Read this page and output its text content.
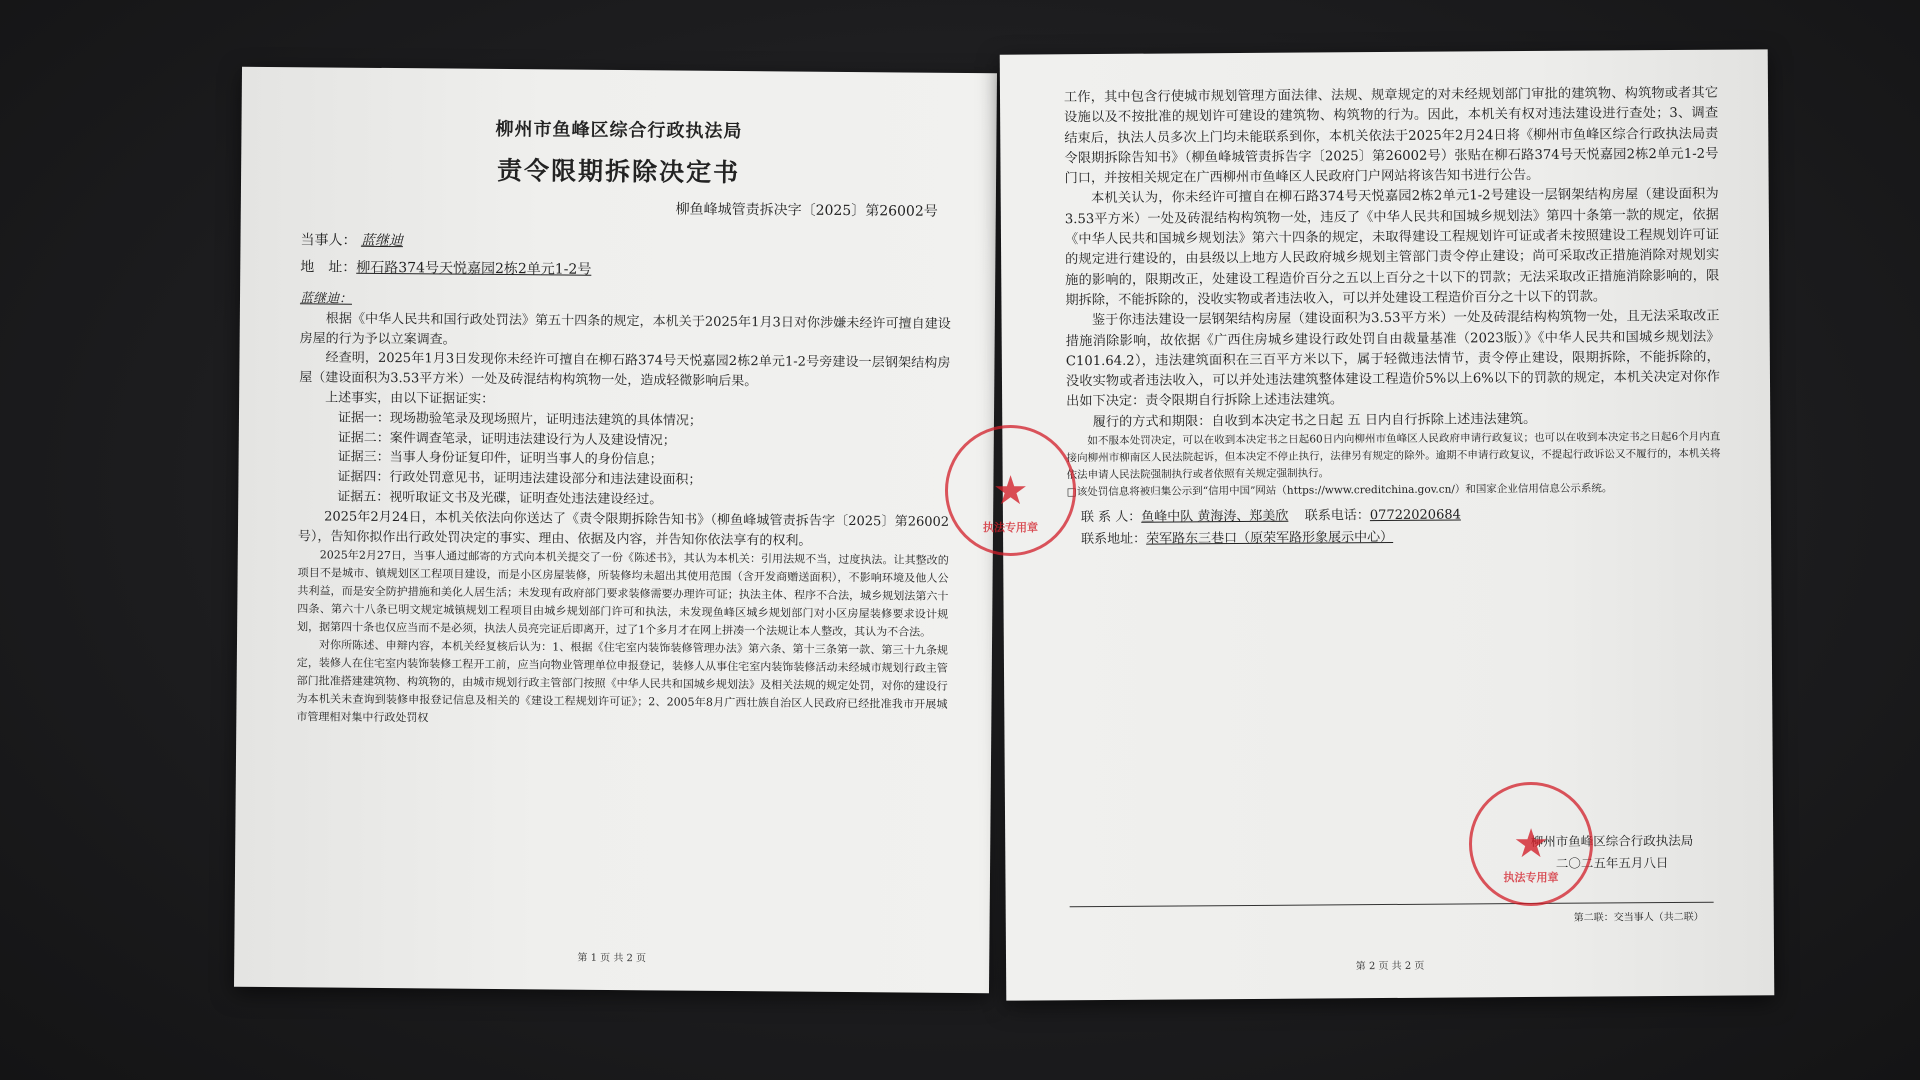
柳州市鱼峰区综合行政执法局
责令限期拆除决定书
柳鱼峰城管责拆决字〔2025〕第26002号
当事人： 蓝继迪
地　址：柳石路374号天悦嘉园2栋2单元1-2号

蓝继迪：

根据《中华人民共和国行政处罚法》第五十四条的规定，本机关于2025年1月3日对你涉嫌未经许可擅自建设房屋的行为予以立案调查。

经查明，2025年1月3日发现你未经许可擅自在柳石路374号天悦嘉园2栋2单元1-2号旁建设一层钢架结构房屋（建设面积为3.53平方米）一处及砖混结构构筑物一处，造成轻微影响后果。

上述事实，由以下证据证实：

证据一：现场勘验笔录及现场照片，证明违法建筑的具体情况；

证据二：案件调查笔录，证明违法建设行为人及建设情况；

证据三：当事人身份证复印件，证明当事人的身份信息；

证据四：行政处罚意见书，证明违法建设部分和违法建设面积；

证据五：视听取证文书及光碟，证明查处违法建设经过。

2025年2月24日，本机关依法向你送达了《责令限期拆除告知书》（柳鱼峰城管责拆告字〔2025〕第26002号），告知你拟作出行政处罚决定的事实、理由、依据及内容，并告知你依法享有的权利。

2025年2月27日，当事人通过邮寄的方式向本机关提交了一份《陈述书》，其认为本机关：引用法规不当，过度执法。让其整改的项目不是城市、镇规划区工程项目建设，而是小区房屋装修，所装修均未超出其使用范围（含开发商赠送面积），不影响环境及他人公共利益，而是安全防护措施和美化人居生活；未发现有政府部门要求装修需要办理许可证；执法主体、程序不合法，城乡规划法第六十四条、第六十八条已明文规定城镇规划工程项目由城乡规划部门许可和执法，未发现鱼峰区城乡规划部门对小区房屋装修要求设计规划，据第四十条也仅应当而不是必须，执法人员亮完证后即离开，过了1个多月才在网上拼凑一个法规让本人整改，其认为不合法。

对你所陈述、申辩内容，本机关经复核后认为：1、根据《住宅室内装饰装修管理办法》第六条、第十三条第一款、第三十九条规定，装修人在住宅室内装饰装修工程开工前，应当向物业管理单位申报登记，装修人从事住宅室内装饰装修活动未经城市规划行政主管部门批准搭建建筑物、构筑物的，由城市规划行政主管部门按照《中华人民共和国城乡规划法》及相关法规的规定处罚，对你的建设行为本机关未查询到装修申报登记信息及相关的《建设工程规划许可证》；2、2005年8月广西壮族自治区人民政府已经批准我市开展城市管理相对集中行政处罚权

第 1 页 共 2 页

工作，其中包含行使城市规划管理方面法律、法规、规章规定的对未经规划部门审批的建筑物、构筑物或者其它设施以及不按批准的规划许可建设的建筑物、构筑物的行为。因此，本机关有权对违法建设进行查处；3、调查结束后，执法人员多次上门均未能联系到你，本机关依法于2025年2月24日将《柳州市鱼峰区综合行政执法局责令限期拆除告知书》（柳鱼峰城管责拆告字〔2025〕第26002号）张贴在柳石路374号天悦嘉园2栋2单元1-2号门口，并按相关规定在广西柳州市鱼峰区人民政府门户网站将该告知书进行公告。

本机关认为，你未经许可擅自在柳石路374号天悦嘉园2栋2单元1-2号建设一层钢架结构房屋（建设面积为3.53平方米）一处及砖混结构构筑物一处，违反了《中华人民共和国城乡规划法》第四十条第一款的规定，依据《中华人民共和国城乡规划法》第六十四条的规定，未取得建设工程规划许可证或者未按照建设工程规划许可证的规定进行建设的，由县级以上地方人民政府城乡规划主管部门责令停止建设；尚可采取改正措施消除对规划实施的影响的，限期改正，处建设工程造价百分之五以上百分之十以下的罚款；无法采取改正措施消除影响的，限期拆除，不能拆除的，没收实物或者违法收入，可以并处建设工程造价百分之十以下的罚款。

鉴于你违法建设一层钢架结构房屋（建设面积为3.53平方米）一处及砖混结构构筑物一处，且无法采取改正措施消除影响，故依据《广西住房城乡建设行政处罚自由裁量基准（2023版）》《中华人民共和国城乡规划法》C101.64.2），违法建筑面积在三百平方米以下，属于轻微违法情节，责令停止建设，限期拆除，不能拆除的，没收实物或者违法收入，可以并处违法建筑整体建设工程造价5%以上6%以下的罚款的规定，本机关决定对你作出如下决定：责令限期自行拆除上述违法建筑。

履行的方式和期限：自收到本决定书之日起 五 日内自行拆除上述违法建筑。

如不服本处罚决定，可以在收到本决定书之日起60日内向柳州市鱼峰区人民政府申请行政复议；也可以在收到本决定书之日起6个月内直接向柳州市柳南区人民法院起诉，但本决定不停止执行，法律另有规定的除外。逾期不申请行政复议，不提起行政诉讼又不履行的，本机关将依法申请人民法院强制执行或者依照有关规定强制执行。

□该处罚信息将被归集公示到“信用中国”网站（https://www.creditchina.gov.cn/）和国家企业信用信息公示系统。

联 系 人：鱼峰中队 黄海涛、郑美欣 联系电话：07722020684
联系地址：荣军路东三巷口（原荣军路形象展示中心）
柳州市鱼峰区综合行政执法局
二〇二五年五月八日
第二联：交当事人（共二联）
第 2 页 共 2 页
★
执法专用章
★
执法专用章
